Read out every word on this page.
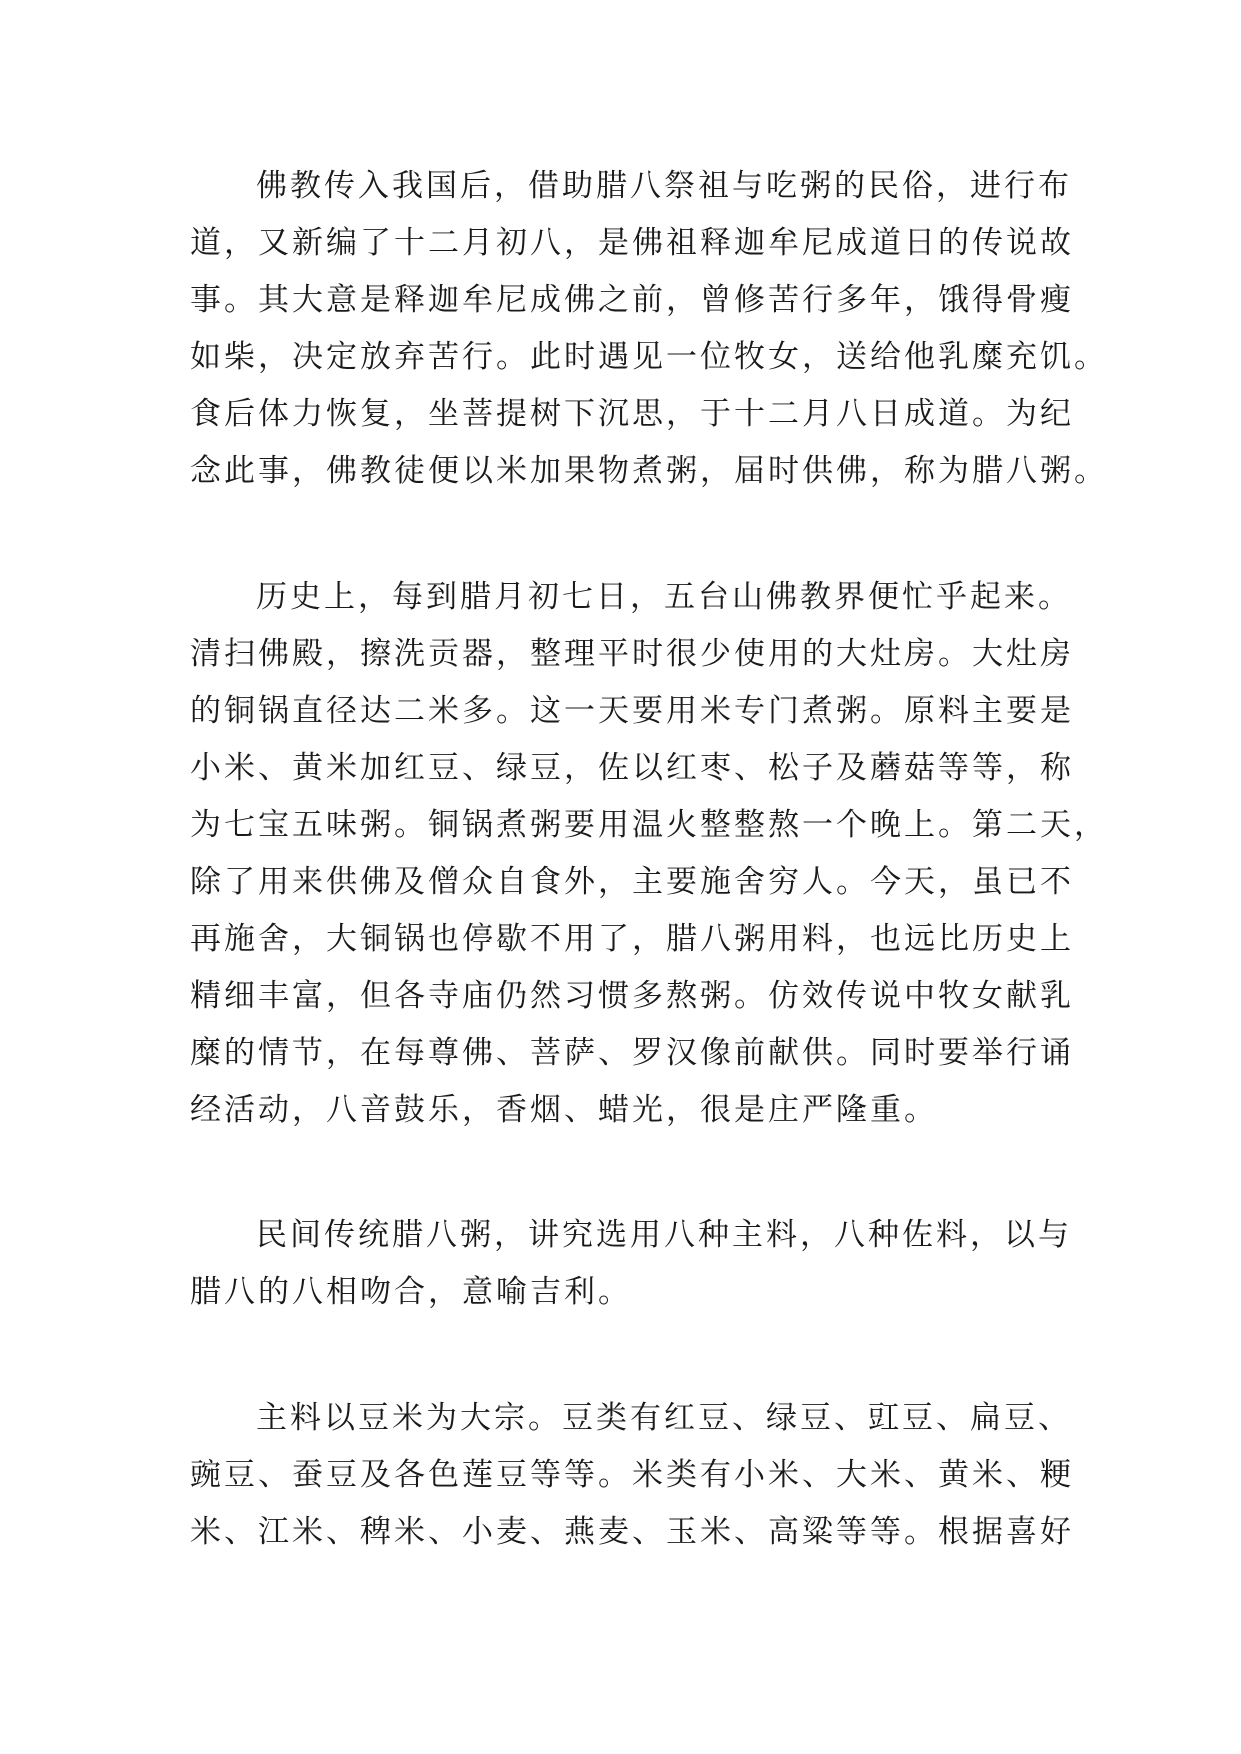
佛教传入我国后，借助腊八祭祖与吃粥的民俗，进行布
道，又新编了十二月初八，是佛祖释迦牟尼成道日的传说故
事。其大意是释迦牟尼成佛之前，曾修苦行多年，饿得骨瘦
如柴，决定放弃苦行。此时遇见一位牧女，送给他乳糜充饥。
食后体力恢复，坐菩提树下沉思，于十二月八日成道。为纪
念此事，佛教徒便以米加果物煮粥，届时供佛，称为腊八粥。

历史上，每到腊月初七日，五台山佛教界便忙乎起来。
清扫佛殿，擦洗贡器，整理平时很少使用的大灶房。大灶房
的铜锅直径达二米多。这一天要用米专门煮粥。原料主要是
小米、黄米加红豆、绿豆，佐以红枣、松子及蘑菇等等，称
为七宝五味粥。铜锅煮粥要用温火整整熬一个晚上。第二天，
除了用来供佛及僧众自食外，主要施舍穷人。今天，虽已不
再施舍，大铜锅也停歇不用了，腊八粥用料，也远比历史上
精细丰富，但各寺庙仍然习惯多熬粥。仿效传说中牧女献乳
糜的情节，在每尊佛、菩萨、罗汉像前献供。同时要举行诵
经活动，八音鼓乐，香烟、蜡光，很是庄严隆重。

民间传统腊八粥，讲究选用八种主料，八种佐料，以与
腊八的八相吻合，意喻吉利。

主料以豆米为大宗。豆类有红豆、绿豆、豇豆、扁豆、
豌豆、蚕豆及各色莲豆等等。米类有小米、大米、黄米、粳
米、江米、稗米、小麦、燕麦、玉米、高粱等等。根据喜好
